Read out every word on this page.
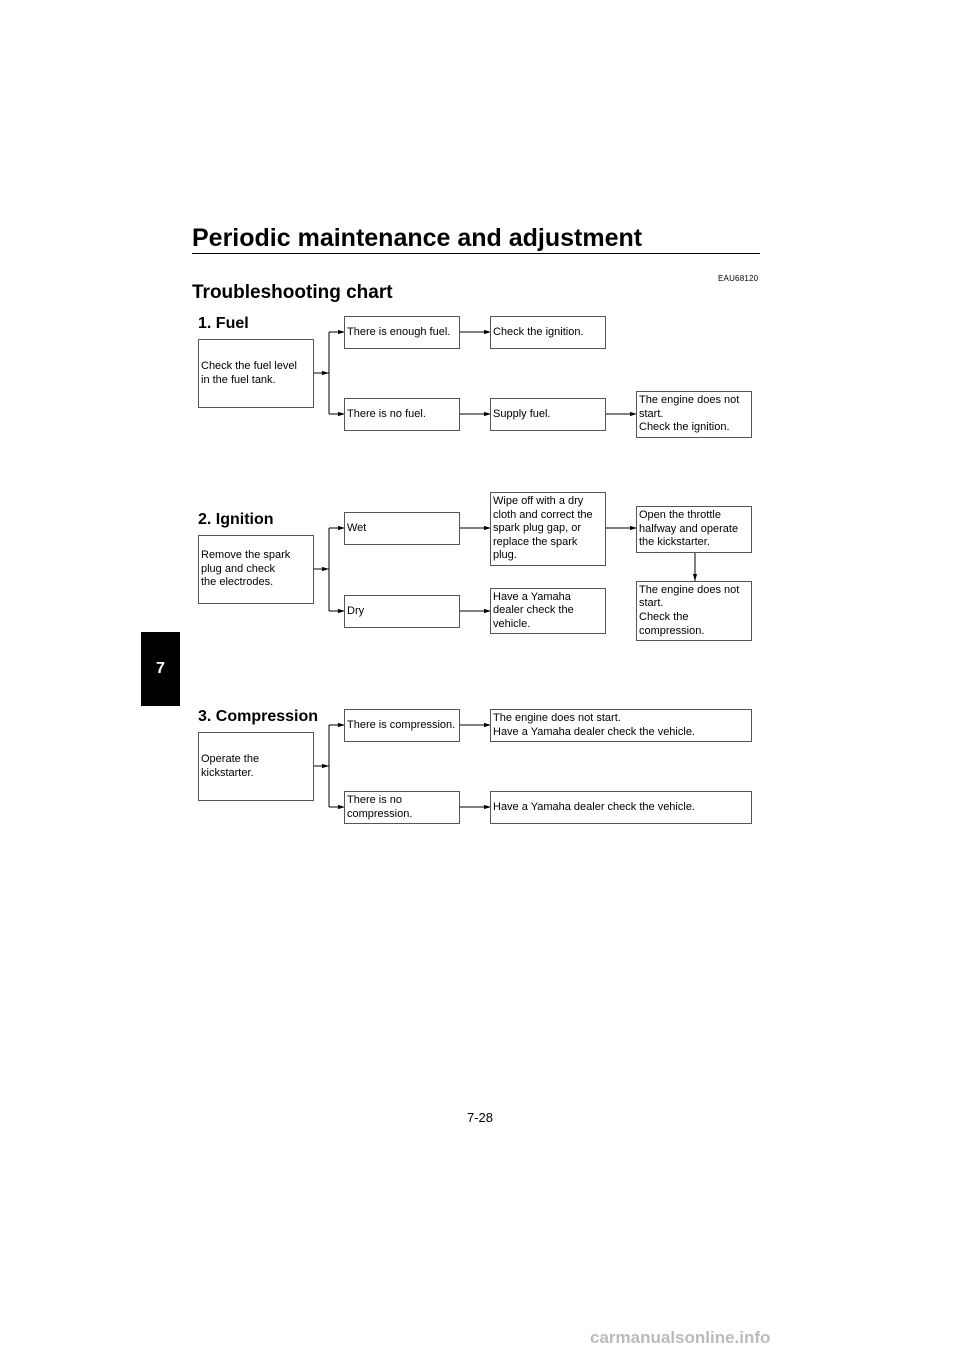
Periodic maintenance and adjustment
EAU68120
Troubleshooting chart
7
1. Fuel
Check the fuel level
in the fuel tank.
There is enough fuel.	Check the ignition.
There is no fuel.	Supply fuel.
The engine does not
start.
Check the ignition.
2. Ignition
Remove the spark
plug and check
the electrodes.
Wet
Wipe off with a dry
cloth and correct the
spark plug gap, or
replace the spark
plug.
Open the throttle
halfway and operate
the kickstarter.
The engine does not
start.
Check the
compression.
Dry
Have a Yamaha
dealer check the
vehicle.
3. Compression
Operate the
kickstarter.
There is compression.
The engine does not start.
Have a Yamaha dealer check the vehicle.
There is no
compression.
Have a Yamaha dealer check the vehicle.
7-28
carmanualsonline.info
